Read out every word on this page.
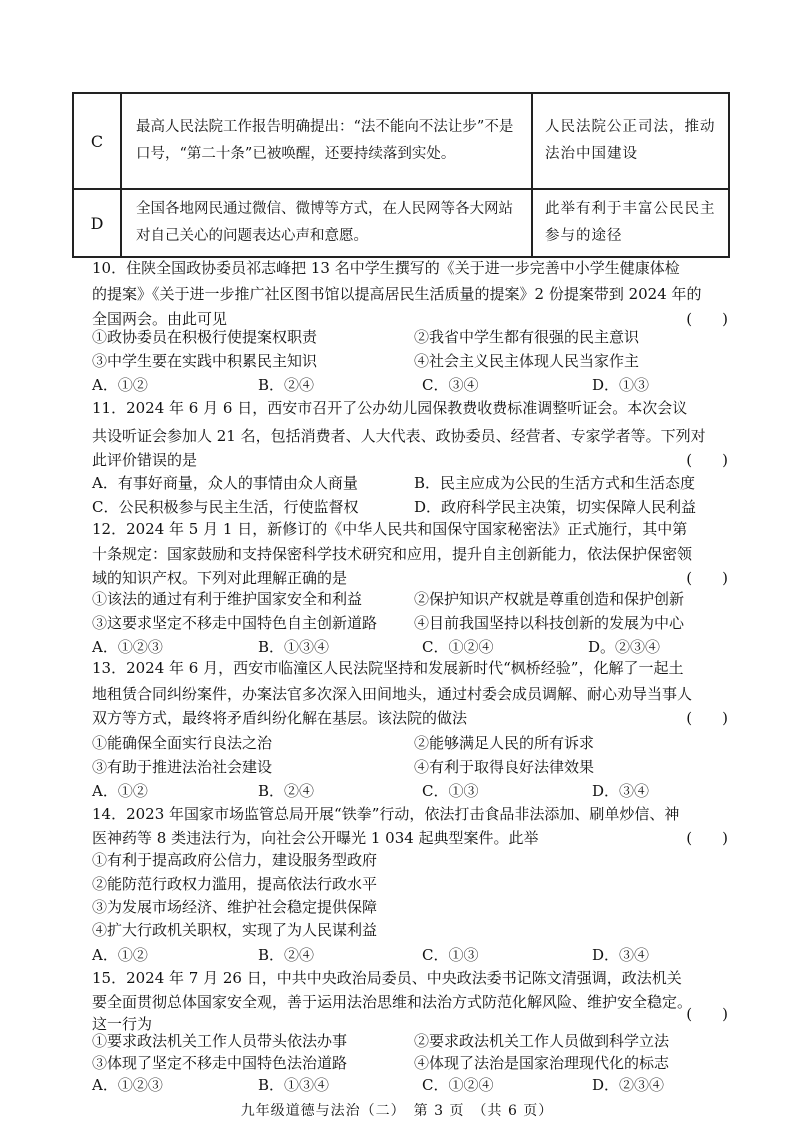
C	最高人民法院工作报告明确提出：“法不能向不法让步”不是口号，“第二十条”已被唤醒，还要持续落到实处。	人民法院公正司法，推动法治中国建设
D	全国各地网民通过微信、微博等方式，在人民网等各大网站对自己关心的问题表达心声和意愿。	此举有利于丰富公民民主参与的途径
10．住陕全国政协委员祁志峰把 13 名中学生撰写的《关于进一步完善中小学生健康体检
的提案》《关于进一步推广社区图书馆以提高居民生活质量的提案》2 份提案带到 2024 年的
全国两会。由此可见	(　　)
①政协委员在积极行使提案权职责	②我省中学生都有很强的民主意识
③中学生要在实践中积累民主知识	④社会主义民主体现人民当家作主
A．①②	B．②④	C．③④	D．①③
11．2024 年 6 月 6 日，西安市召开了公办幼儿园保教费收费标准调整听证会。本次会议
共设听证会参加人 21 名，包括消费者、人大代表、政协委员、经营者、专家学者等。下列对
此评价错误的是	(　　)
A．有事好商量，众人的事情由众人商量	B．民主应成为公民的生活方式和生活态度
C．公民积极参与民主生活，行使监督权	D．政府科学民主决策，切实保障人民利益
12．2024 年 5 月 1 日，新修订的《中华人民共和国保守国家秘密法》正式施行，其中第
十条规定：国家鼓励和支持保密科学技术研究和应用，提升自主创新能力，依法保护保密领
域的知识产权。下列对此理解正确的是	(　　)
①该法的通过有利于维护国家安全和利益	②保护知识产权就是尊重创造和保护创新
③这要求坚定不移走中国特色自主创新道路 ④目前我国坚持以科技创新的发展为中心
A．①②③	B．①③④	C．①②④	D。②③④
13．2024 年 6 月，西安市临潼区人民法院坚持和发展新时代“枫桥经验”，化解了一起土
地租赁合同纠纷案件，办案法官多次深入田间地头，通过村委会成员调解、耐心劝导当事人
双方等方式，最终将矛盾纠纷化解在基层。该法院的做法	(　　)
①能确保全面实行良法之治	②能够满足人民的所有诉求
③有助于推进法治社会建设	④有利于取得良好法律效果
A．①②	B．②④	C．①③	D．③④
14．2023 年国家市场监管总局开展“铁拳”行动，依法打击食品非法添加、刷单炒信、神
医神药等 8 类违法行为，向社会公开曝光 1 034 起典型案件。此举	(　　)
①有利于提高政府公信力，建设服务型政府
②能防范行政权力滥用，提高依法行政水平
③为发展市场经济、维护社会稳定提供保障
④扩大行政机关职权，实现了为人民谋利益
A．①②	B．②④	C．①③	D．③④
15．2024 年 7 月 26 日，中共中央政治局委员、中央政法委书记陈文清强调，政法机关
要全面贯彻总体国家安全观，善于运用法治思维和法治方式防范化解风险、维护安全稳定。
这一行为
(　　)
①要求政法机关工作人员带头依法办事	②要求政法机关工作人员做到科学立法
③体现了坚定不移走中国特色法治道路	④体现了法治是国家治理现代化的标志
A．①②③	B．①③④	C．①②④	D．②③④
九年级道德与法治（二）　第 3 页　（共 6 页）
